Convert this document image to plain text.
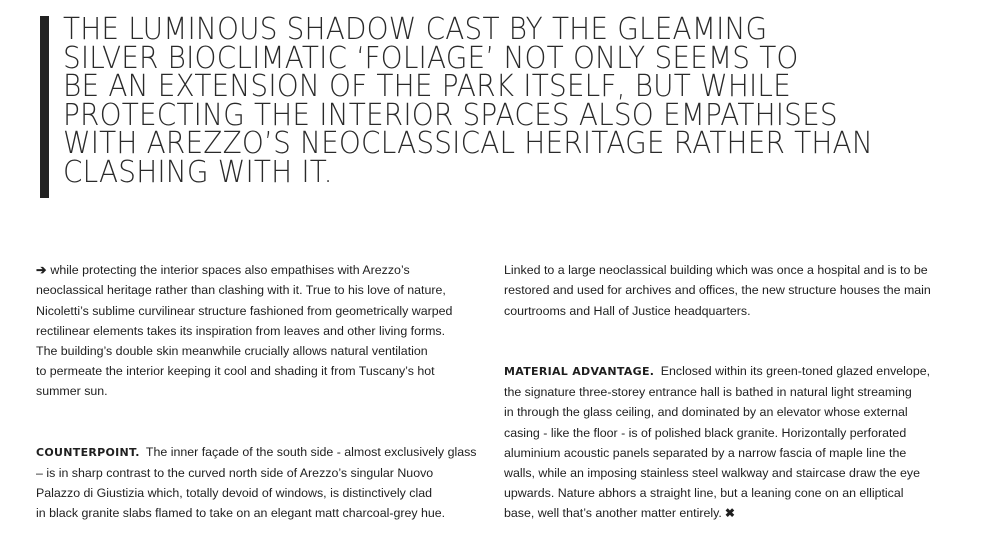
THE LUMINOUS SHADOW CAST BY THE GLEAMING
SILVER BIOCLIMATIC ‘FOLIAGE’ NOT ONLY SEEMS TO
BE AN EXTENSION OF THE PARK ITSELF, BUT WHILE
PROTECTING THE INTERIOR SPACES ALSO EMPATHISES
WITH AREZZO’S NEOCLASSICAL HERITAGE RATHER THAN
CLASHING WITH IT.

➔ while protecting the interior spaces also empathises with Arezzo’s
neoclassical heritage rather than clashing with it. True to his love of nature,
Nicoletti’s sublime curvilinear structure fashioned from geometrically warped
rectilinear elements takes its inspiration from leaves and other living forms.
The building’s double skin meanwhile crucially allows natural ventilation
to permeate the interior keeping it cool and shading it from Tuscany’s hot
summer sun.

COUNTERPOINT. The inner façade of the south side - almost exclusively glass
– is in sharp contrast to the curved north side of Arezzo’s singular Nuovo
Palazzo di Giustizia which, totally devoid of windows, is distinctively clad
in black granite slabs flamed to take on an elegant matt charcoal-grey hue.

Linked to a large neoclassical building which was once a hospital and is to be
restored and used for archives and offices, the new structure houses the main
courtrooms and Hall of Justice headquarters.

MATERIAL ADVANTAGE. Enclosed within its green-toned glazed envelope,
the signature three-storey entrance hall is bathed in natural light streaming
in through the glass ceiling, and dominated by an elevator whose external
casing - like the floor - is of polished black granite. Horizontally perforated
aluminium acoustic panels separated by a narrow fascia of maple line the
walls, while an imposing stainless steel walkway and staircase draw the eye
upwards. Nature abhors a straight line, but a leaning cone on an elliptical
base, well that’s another matter entirely. ✖
